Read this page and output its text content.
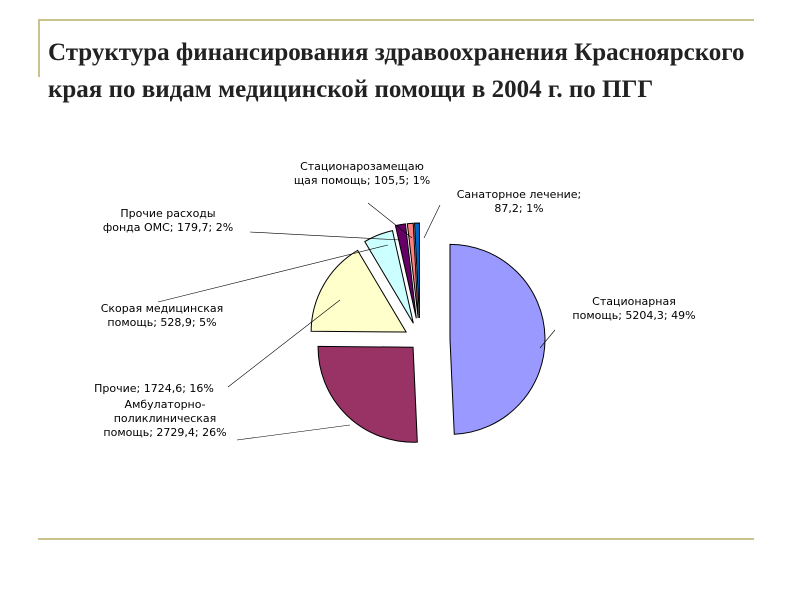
Структура финансирования здравоохранения Красноярского края по видам медицинской помощи в 2004 г. по ПГГ
Стационарная помощь; 5204,3; 49%
Амбулаторно-поликлиническая помощь; 2729,4; 26%
Прочие; 1724,6; 16%
Скорая медицинская помощь; 528,9; 5%
Прочие расходы фонда ОМС; 179,7; 2%
Стационарозамещаю щая помощь; 105,5; 1%
Санаторное лечение; 87,2; 1%
